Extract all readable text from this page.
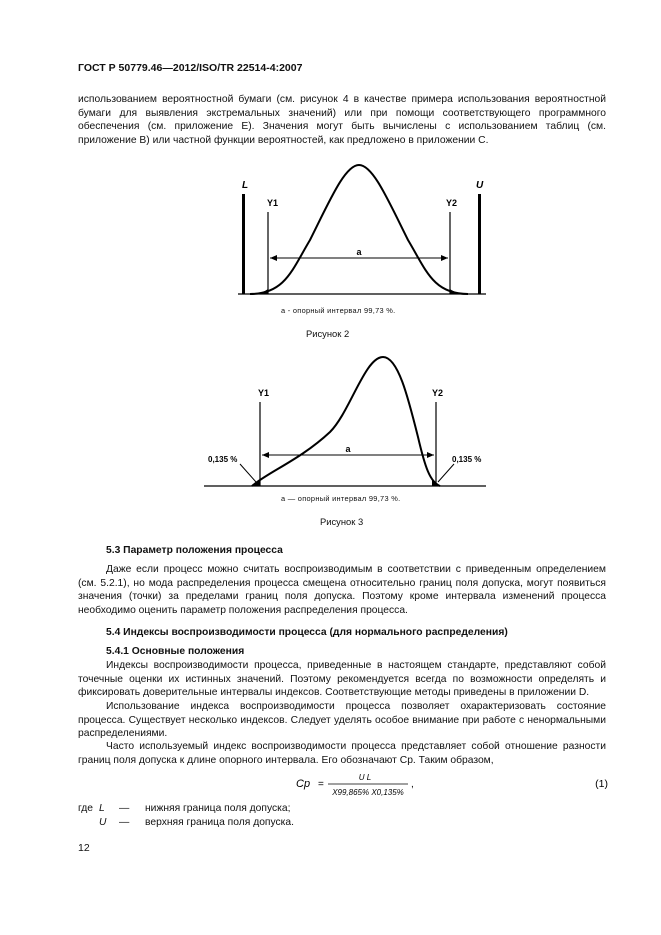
ГОСТ Р 50779.46—2012/ISO/TR 22514-4:2007

использованием вероятностной бумаги (см. рисунок 4 в качестве примера использования вероятностной бумаги для выявления экстремальных значений) или при помощи соответствующего программного обеспечения (см. приложение Е). Значения могут быть вычислены с использованием таблиц (см. приложение В) или частной функции вероятностей, как предложено в приложении С.

a
L	U
Y1	Y2
a - опорный интервал 99,73 %.
Рисунок 2
a
Y1	Y2
0,135 %	0,135 %
a — опорный интервал 99,73 %.
Рисунок 3
5.3 Параметр положения процесса

Даже если процесс можно считать воспроизводимым в соответствии с приведенным определением (см. 5.2.1), но мода распределения процесса смещена относительно границ поля допуска, могут появиться значения (точки) за пределами границ поля допуска. Поэтому кроме интервала изменений процесса необходимо оценить параметр положения распределения процесса.

5.4 Индексы воспроизводимости процесса (для нормального распределения)
5.4.1 Основные положения

Индексы воспроизводимости процесса, приведенные в настоящем стандарте, представляют собой точечные оценки их истинных значений. Поэтому рекомендуется всегда по возможности определять и фиксировать доверительные интервалы индексов. Соответствующие методы приведены в приложении D.

Использование индекса воспроизводимости процесса позволяет охарактеризовать состояние процесса. Существует несколько индексов. Следует уделять особое внимание при работе с ненормальными распределениями.

Часто используемый индекс воспроизводимости процесса представляет собой отношение разности границ поля допуска к длине опорного интервала. Его обозначают Cp. Таким образом,

Cp =
U L
X99,865% X0,135%
,	(1)
где L — нижняя граница поля допуска;
U — верхняя граница поля допуска.
12
